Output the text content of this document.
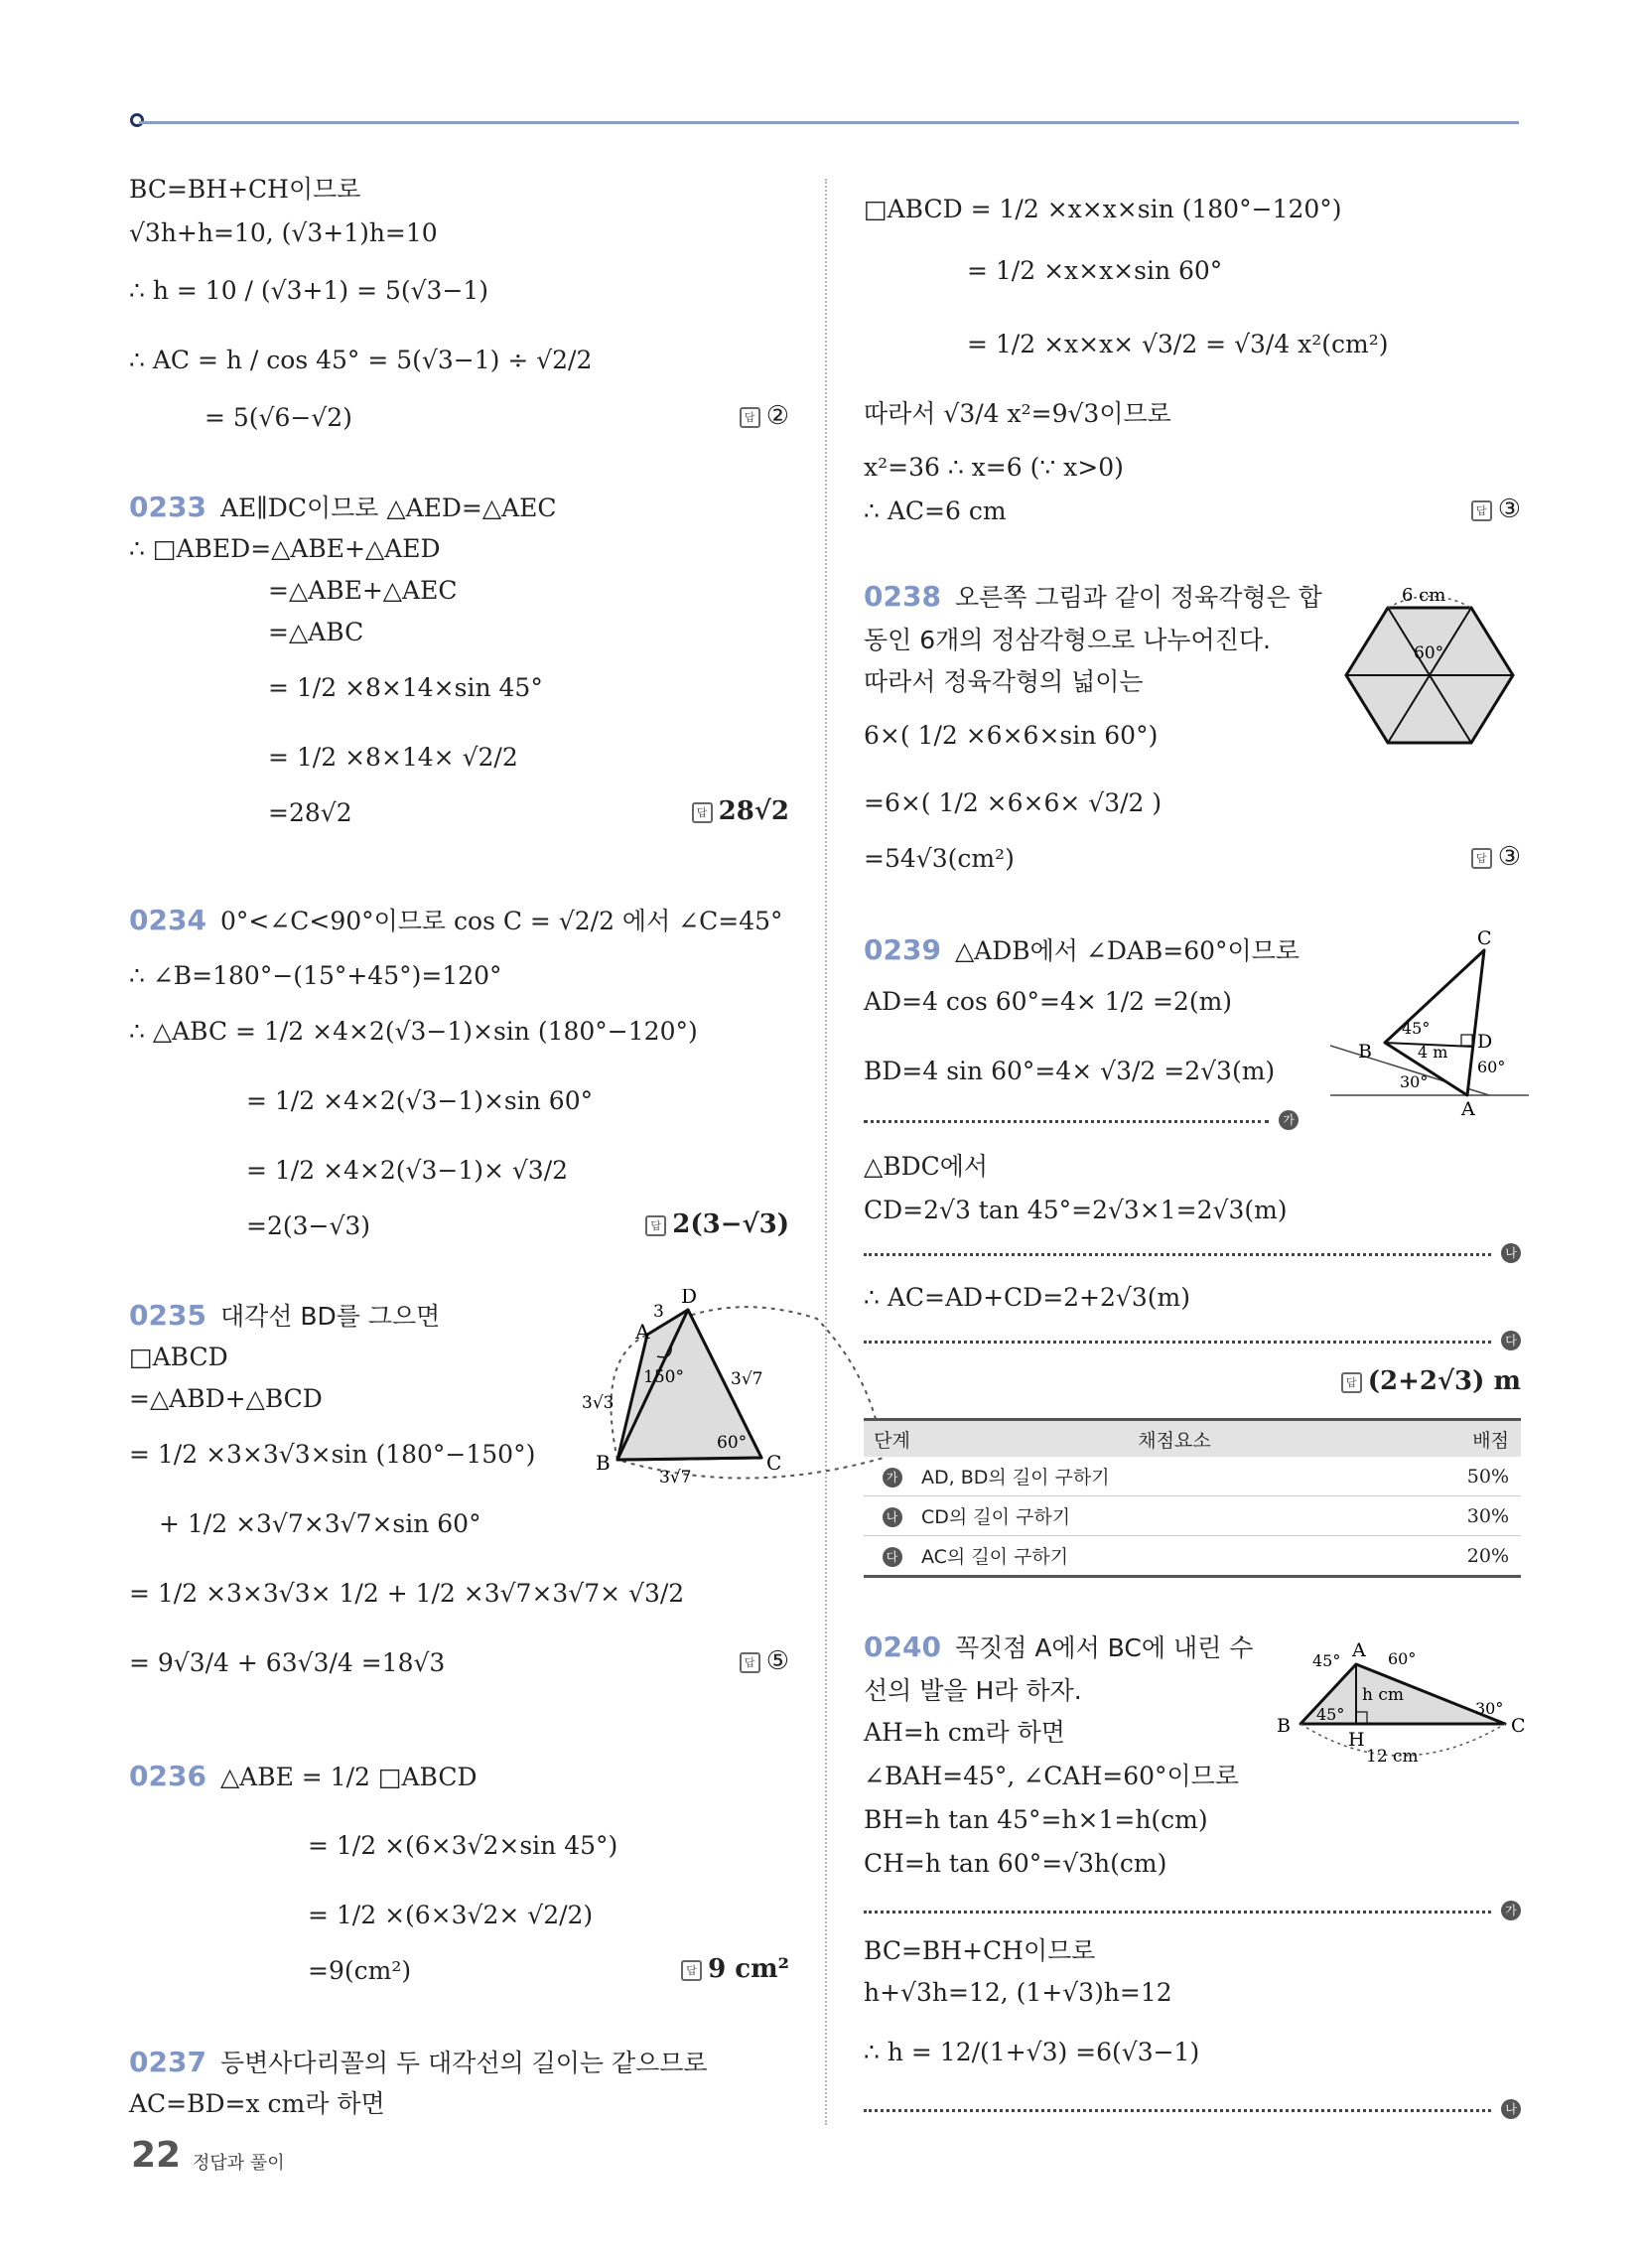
BC=BH+CH이므로
√3h+h=10, (√3+1)h=10
∴ h = 10 / (√3+1) = 5(√3−1)
∴ AC = h / cos 45° = 5(√3−1) ÷ √2/2
= 5(√6−√2)	답 ②
0233 AE∥DC이므로 △AED=△AEC
∴ □ABED=△ABE+△AED
=△ABE+△AEC
=△ABC
= 1/2 ×8×14×sin 45°
= 1/2 ×8×14× √2/2
=28√2	답 28√2
0234 0°<∠C<90°이므로 cos C = √2/2 에서 ∠C=45°
∴ ∠B=180°−(15°+45°)=120°
∴ △ABC = 1/2 ×4×2(√3−1)×sin (180°−120°)
= 1/2 ×4×2(√3−1)×sin 60°
= 1/2 ×4×2(√3−1)× √3/2
=2(3−√3)	답 2(3−√3)
0235 대각선 BD를 그으면
□ABCD
=△ABD+△BCD
= 1/2 ×3×3√3×sin (180°−150°)
+ 1/2 ×3√7×3√7×sin 60°
= 1/2 ×3×3√3× 1/2 + 1/2 ×3√7×3√7× √3/2
= 9√3/4 + 63√3/4 =18√3	답 ⑤
A
B	C
D
3
3√7
3√3
3√7
150°
60°
0236 △ABE = 1/2 □ABCD
= 1/2 ×(6×3√2×sin 45°)
= 1/2 ×(6×3√2× √2/2)
=9(cm²)	답 9 cm²
0237 등변사다리꼴의 두 대각선의 길이는 같으므로
AC=BD=x cm라 하면
□ABCD = 1/2 ×x×x×sin (180°−120°)
= 1/2 ×x×x×sin 60°
= 1/2 ×x×x× √3/2 = √3/4 x²(cm²)
따라서 √3/4 x²=9√3이므로
x²=36 ∴ x=6 (∵ x>0)
∴ AC=6 cm	답 ③
0238 오른쪽 그림과 같이 정육각형은 합
동인 6개의 정삼각형으로 나누어진다.
따라서 정육각형의 넓이는
6×( 1/2 ×6×6×sin 60°)
=6×( 1/2 ×6×6× √3/2 )
=54√3(cm²)	답 ③
6 cm
60°
0239 △ADB에서 ∠DAB=60°이므로
AD=4 cos 60°=4× 1/2 =2(m)
BD=4 sin 60°=4× √3/2 =2√3(m)
가
C
B	D
A
4 m
45°
30°
60°
△BDC에서
CD=2√3 tan 45°=2√3×1=2√3(m)
나
∴ AC=AD+CD=2+2√3(m)
다
답 (2+2√3) m
단계	채점요소	배점
가	AD, BD의 길이 구하기	50%
나	CD의 길이 구하기	30%
다	AC의 길이 구하기	20%
0240 꼭짓점 A에서 BC에 내린 수
선의 발을 H라 하자.
AH=h cm라 하면
∠BAH=45°, ∠CAH=60°이므로
BH=h tan 45°=h×1=h(cm)
CH=h tan 60°=√3h(cm)
가
A
B	C
H
h cm
12 cm
45°	60°
30°
45°
BC=BH+CH이므로
h+√3h=12, (1+√3)h=12
∴ h = 12/(1+√3) =6(√3−1)
나
22 정답과 풀이
